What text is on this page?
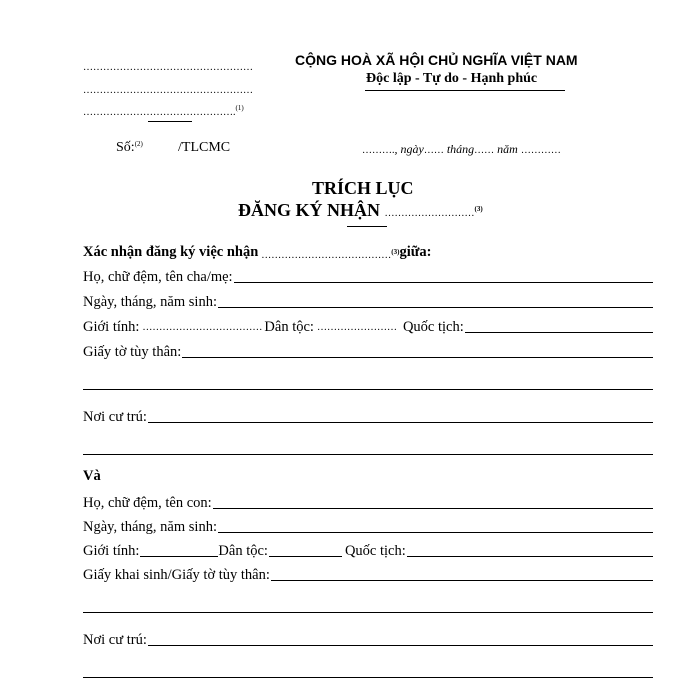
……………………………………………
……………………………………………
……………………………………….$^{(1)}$
CỘNG HOÀ XÃ HỘI CHỦ NGHĨA VIỆT NAM
Độc lập - Tự do - Hạnh phúc
Số:$^{(2)}$	/TLCMC	………., ngày…… tháng…… năm …………
TRÍCH LỤC
ĐĂNG KÝ NHẬN ………………………$^{(3)}$
Xác nhận đăng ký việc nhận ………………………………… (3) giữa:
Họ, chữ đệm, tên cha/mẹ:
Ngày, tháng, năm sinh:
Giới tính: ……………………………… Dân tộc: …………………… Quốc tịch:
Giấy tờ tùy thân:
Nơi cư trú:
Và
Họ, chữ đệm, tên con:
Ngày, tháng, năm sinh:
Giới tính:	Dân tộc:	Quốc tịch:
Giấy khai sinh/Giấy tờ tùy thân:
Nơi cư trú:
